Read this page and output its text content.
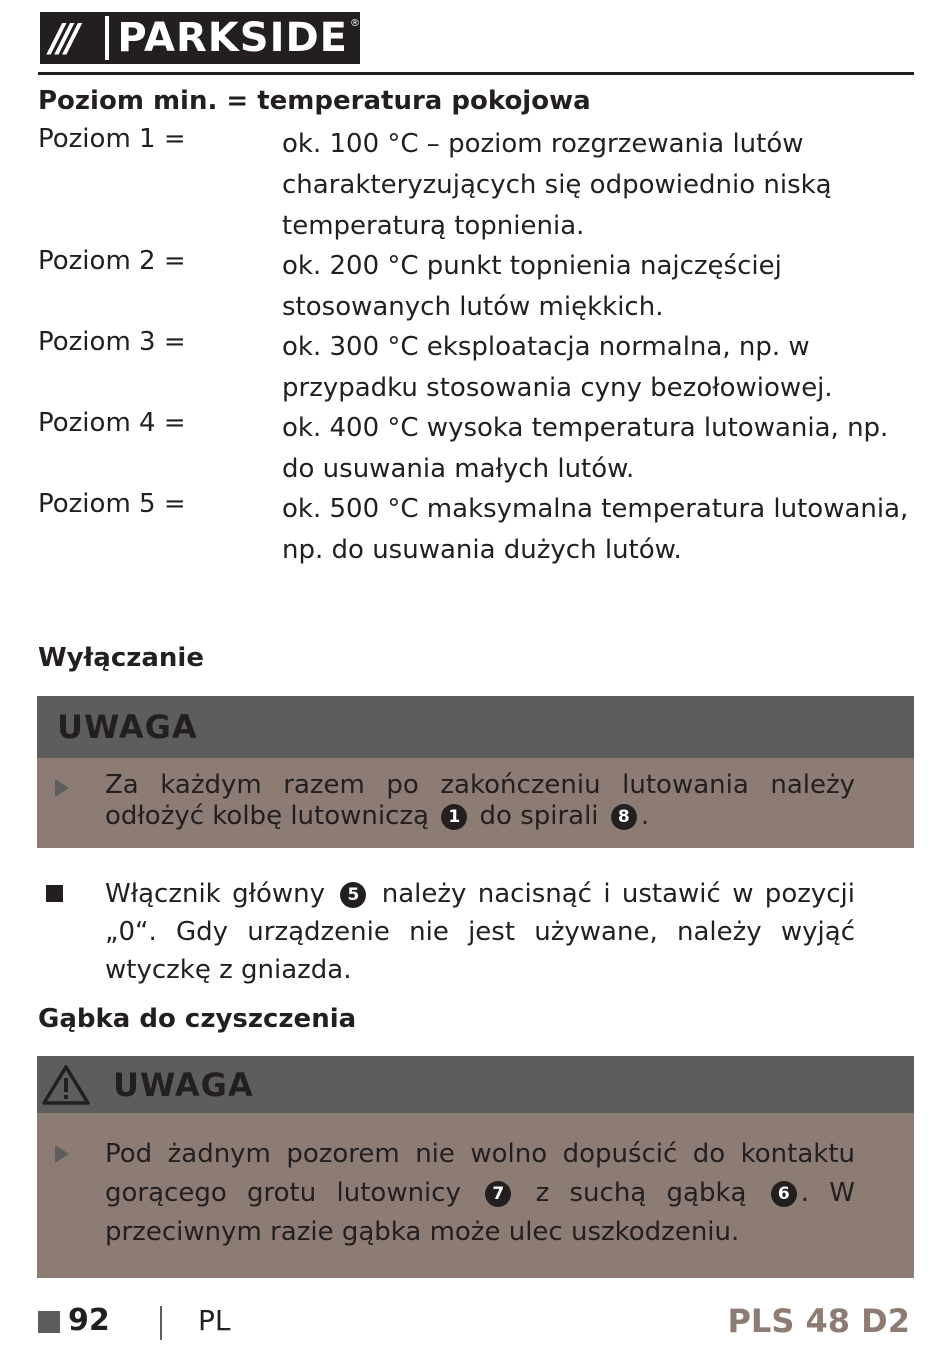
///	PARKSIDE ®
Poziom min. = temperatura pokojowa
Poziom 1 =	ok. 100 °C – poziom rozgrzewania lutów charakteryzujących się odpowiednio niską temperaturą topnienia.
Poziom 2 =	ok. 200 °C punkt topnienia najczęściej stosowanych lutów miękkich.
Poziom 3 =	ok. 300 °C eksploatacja normalna, np. w przypadku stosowania cyny bezołowiowej.
Poziom 4 =	ok. 400 °C wysoka temperatura lutowania, np. do usuwania małych lutów.
Poziom 5 =	ok. 500 °C maksymalna temperatura lutowania, np. do usuwania dużych lutów.
Wyłączanie
UWAGA
Za każdym razem po zakończeniu lutowania należy odłożyć kolbę lutowniczą 1 do spirali 8 .
Włącznik główny 5 należy nacisnąć i ustawić w pozycji „0“. Gdy urządzenie nie jest używane, należy wyjąć wtyczkę z gniazda.
Gąbka do czyszczenia
UWAGA
Pod żadnym pozorem nie wolno dopuścić do kontaktu gorącego grotu lutownicy 7 z suchą gąbką 6 . W przeciwnym razie gąbka może ulec uszkodzeniu.
92	PL	PLS 48 D2
